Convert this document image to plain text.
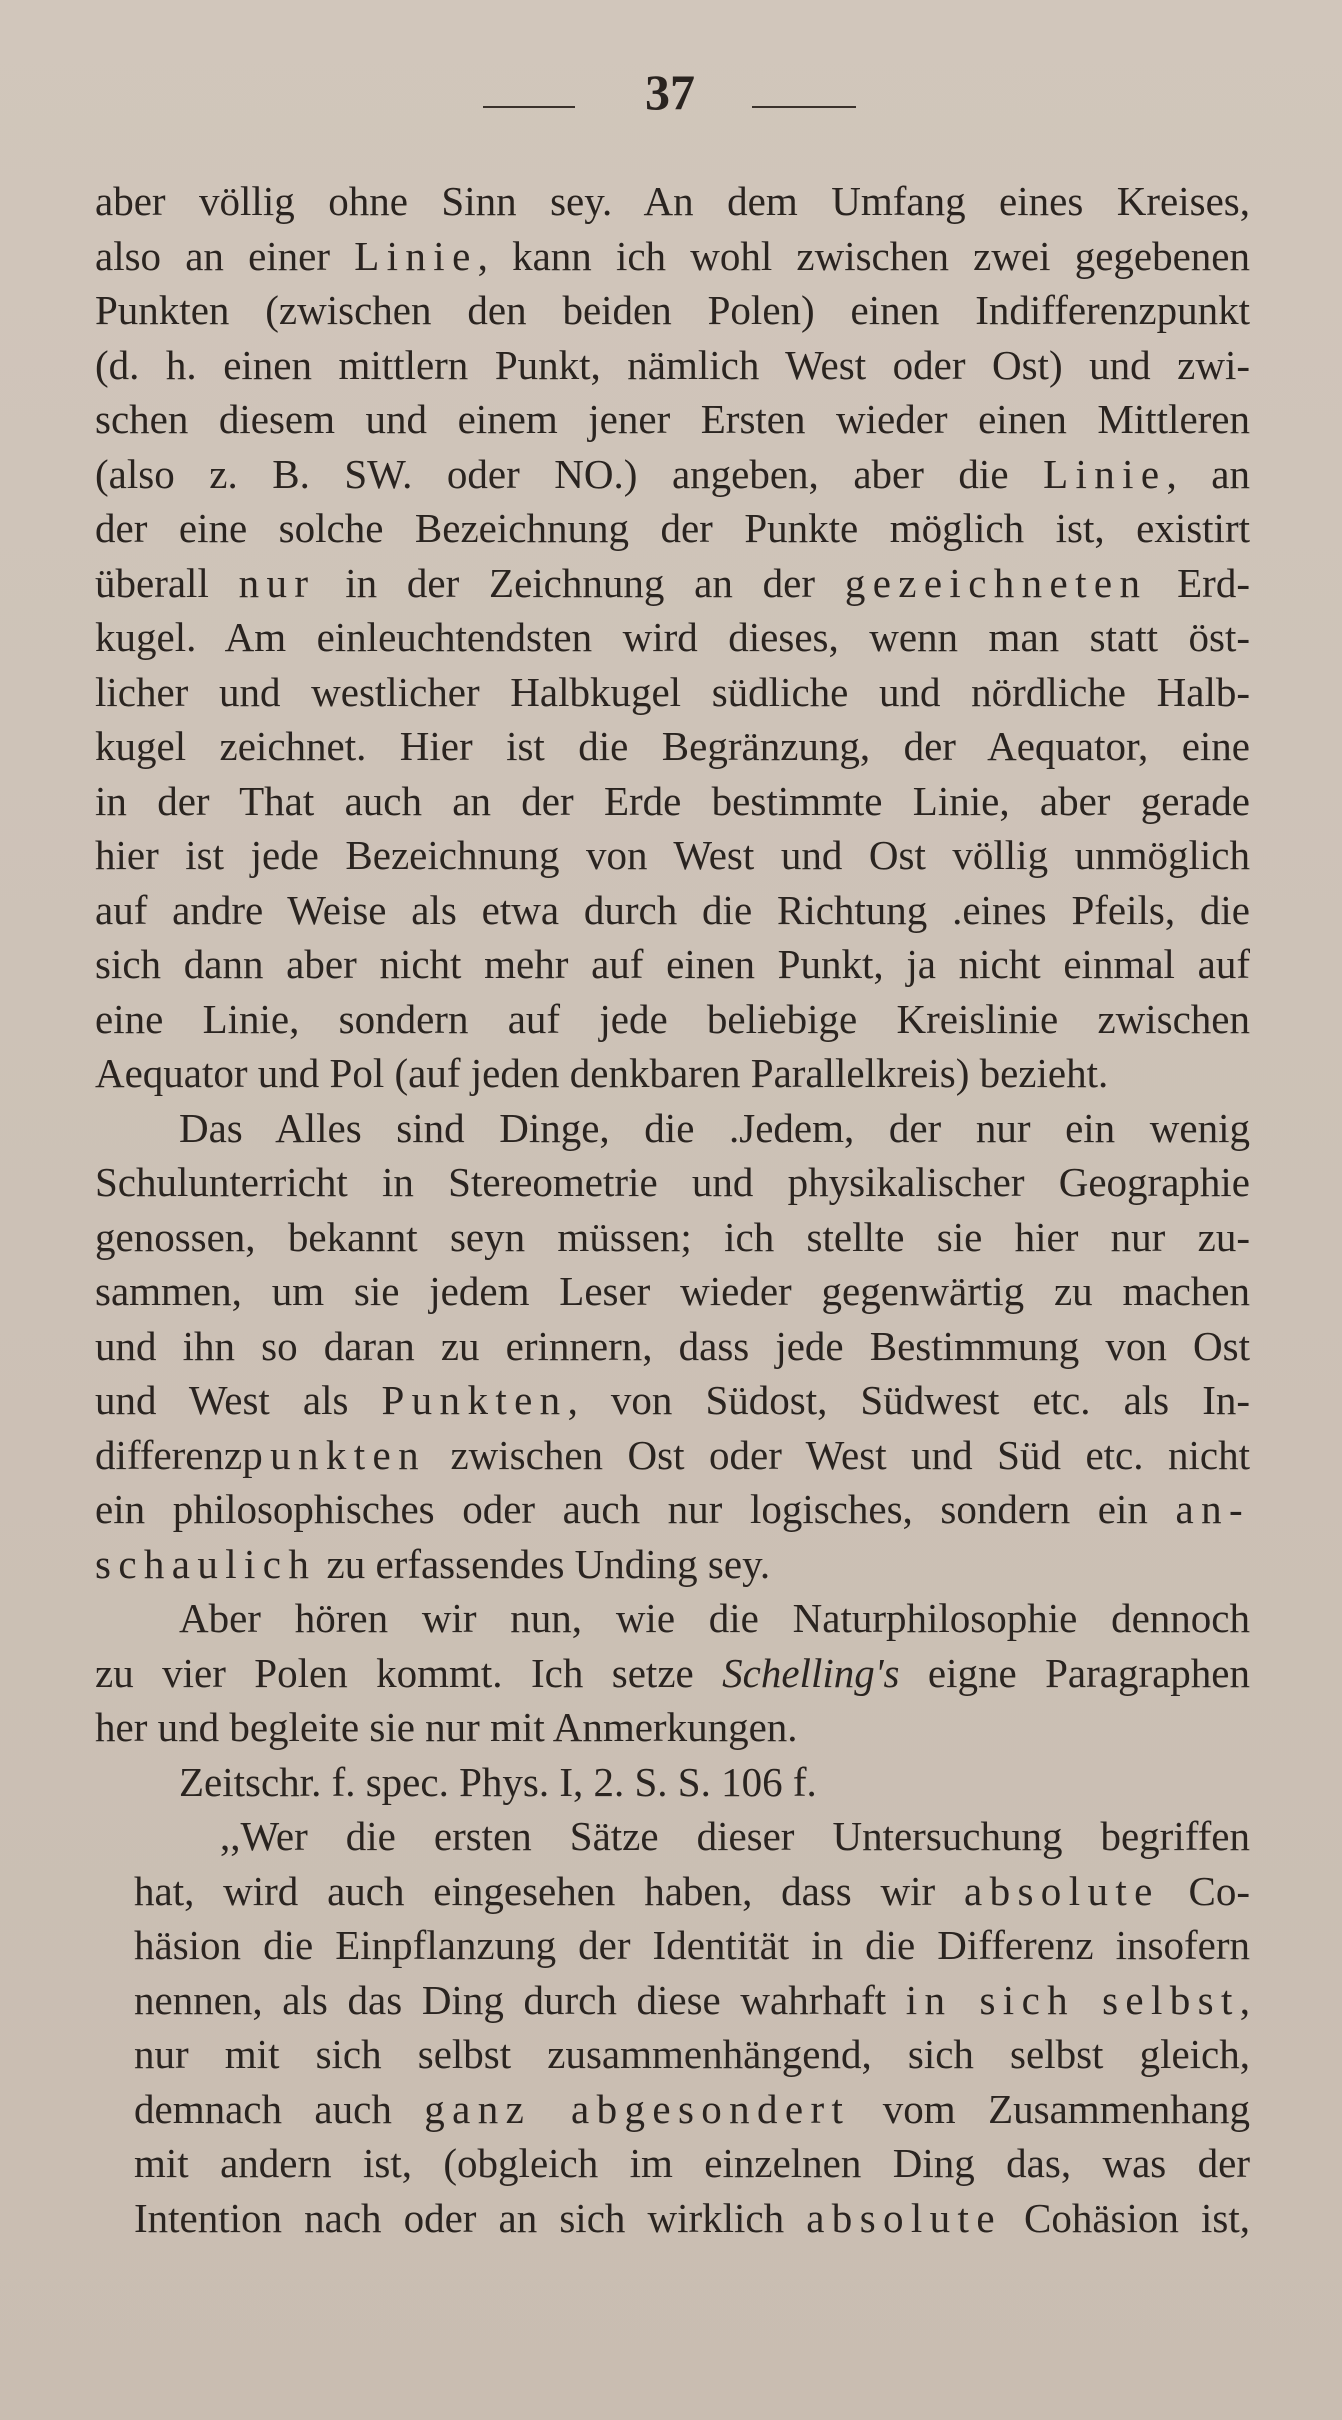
37
aber völlig ohne Sinn sey. An dem Umfang eines Kreises,
also an einer Linie, kann ich wohl zwischen zwei gegebenen
Punkten (zwischen den beiden Polen) einen Indifferenzpunkt
(d. h. einen mittlern Punkt, nämlich West oder Ost) und zwi-
schen diesem und einem jener Ersten wieder einen Mittleren
(also z. B. SW. oder NO.) angeben, aber die Linie, an
der eine solche Bezeichnung der Punkte möglich ist, existirt
überall nur in der Zeichnung an der gezeichneten Erd-
kugel. Am einleuchtendsten wird dieses, wenn man statt öst-
licher und westlicher Halbkugel südliche und nördliche Halb-
kugel zeichnet. Hier ist die Begränzung, der Aequator, eine
in der That auch an der Erde bestimmte Linie, aber gerade
hier ist jede Bezeichnung von West und Ost völlig unmöglich
auf andre Weise als etwa durch die Richtung .eines Pfeils, die
sich dann aber nicht mehr auf einen Punkt, ja nicht einmal auf
eine Linie, sondern auf jede beliebige Kreislinie zwischen
Aequator und Pol (auf jeden denkbaren Parallelkreis) bezieht.
Das Alles sind Dinge, die .Jedem, der nur ein wenig
Schulunterricht in Stereometrie und physikalischer Geographie
genossen, bekannt seyn müssen; ich stellte sie hier nur zu-
sammen, um sie jedem Leser wieder gegenwärtig zu machen
und ihn so daran zu erinnern, dass jede Bestimmung von Ost
und West als Punkten, von Südost, Südwest etc. als In-
differenzpunkten zwischen Ost oder West und Süd etc. nicht
ein philosophisches oder auch nur logisches, sondern ein an-
schaulich zu erfassendes Unding sey.
Aber hören wir nun, wie die Naturphilosophie dennoch
zu vier Polen kommt. Ich setze Schelling's eigne Paragraphen
her und begleite sie nur mit Anmerkungen.
Zeitschr. f. spec. Phys. I, 2. S. S. 106 f.
,,Wer die ersten Sätze dieser Untersuchung begriffen
hat, wird auch eingesehen haben, dass wir absolute Co-
häsion die Einpflanzung der Identität in die Differenz insofern
nennen, als das Ding durch diese wahrhaft in sich selbst,
nur mit sich selbst zusammenhängend, sich selbst gleich,
demnach auch ganz abgesondert vom Zusammenhang
mit andern ist, (obgleich im einzelnen Ding das, was der
Intention nach oder an sich wirklich absolute Cohäsion ist,
